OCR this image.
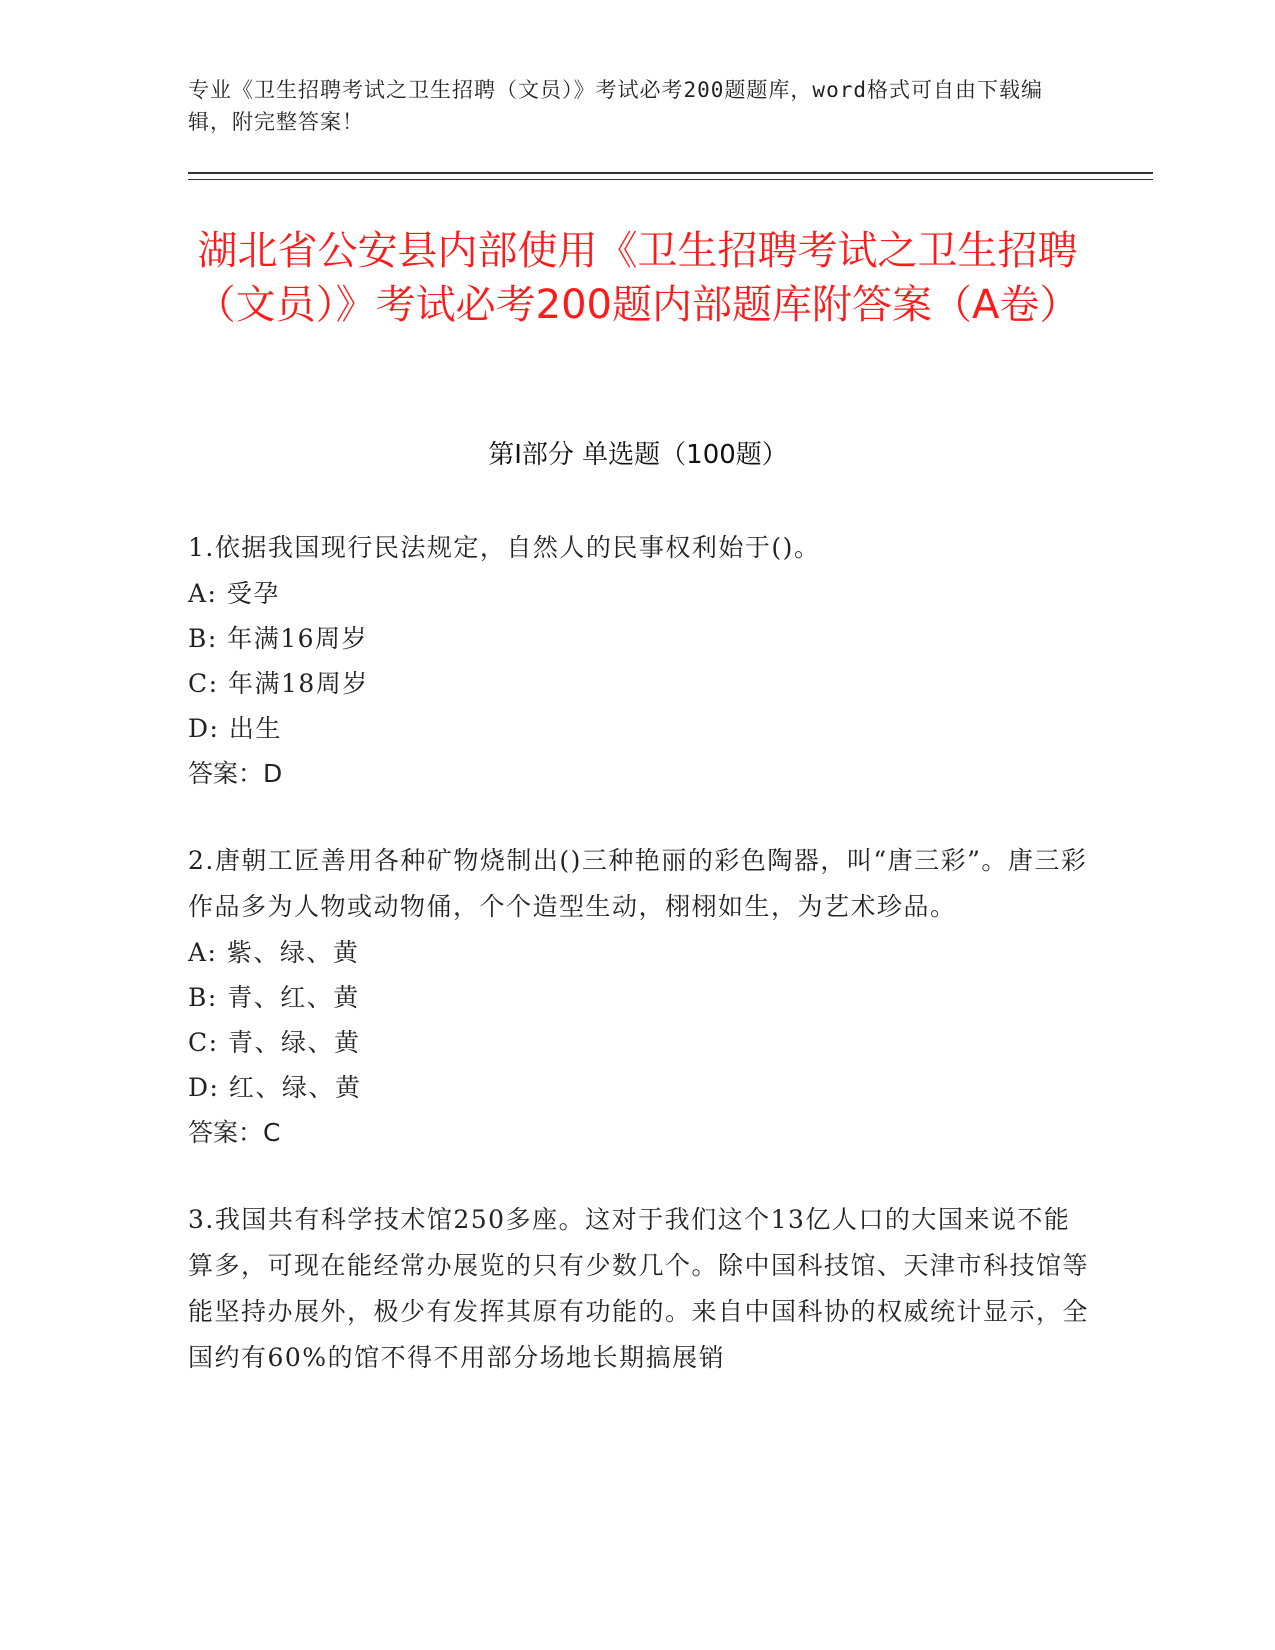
专业《卫生招聘考试之卫生招聘（文员）》考试必考200题题库，word格式可自由下载编辑，附完整答案！
湖北省公安县内部使用《卫生招聘考试之卫生招聘（文员）》考试必考200题内部题库附答案（A卷）
第Ⅰ部分 单选题（100题）
1.依据我国现行民法规定，自然人的民事权利始于()。
A: 受孕
B: 年满16周岁
C: 年满18周岁
D: 出生
答案：D
2.唐朝工匠善用各种矿物烧制出()三种艳丽的彩色陶器，叫“唐三彩”。唐三彩作品多为人物或动物俑，个个造型生动，栩栩如生，为艺术珍品。
A: 紫、绿、黄
B: 青、红、黄
C: 青、绿、黄
D: 红、绿、黄
答案：C
3.我国共有科学技术馆250多座。这对于我们这个13亿人口的大国来说不能算多，可现在能经常办展览的只有少数几个。除中国科技馆、天津市科技馆等能坚持办展外，极少有发挥其原有功能的。来自中国科协的权威统计显示，全国约有60%的馆不得不用部分场地长期搞展销
